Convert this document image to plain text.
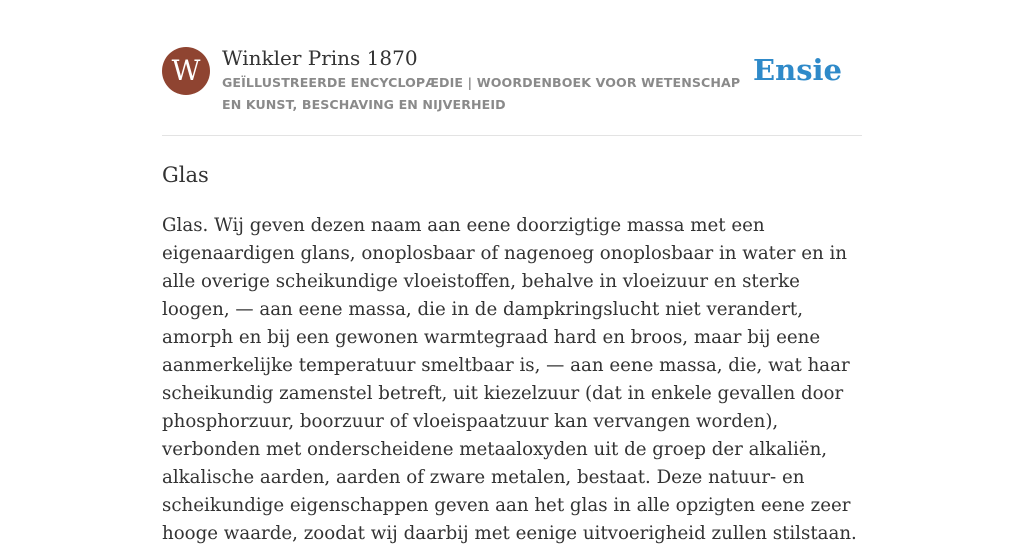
W	Winkler Prins 1870
GEÏLLUSTREERDE ENCYCLOPÆDIE | WOORDENBOEK VOOR WETENSCHAP EN KUNST, BESCHAVING EN NIJVERHEID
Ensie
Glas

Glas. Wij geven dezen naam aan eene doorzigtige massa met een eigenaardigen glans, onoplosbaar of nagenoeg onoplosbaar in water en in alle overige scheikundige vloeistoffen, behalve in vloeizuur en sterke loogen, — aan eene massa, die in de dampkringslucht niet verandert, amorph en bij een gewonen warmtegraad hard en broos, maar bij eene aanmerkelijke temperatuur smeltbaar is, — aan eene massa, die, wat haar scheikundig zamenstel betreft, uit kiezelzuur (dat in enkele gevallen door phosphorzuur, boorzuur of vloeispaatzuur kan vervangen worden), verbonden met onderscheidene metaaloxyden uit de groep der alkaliën, alkalische aarden, aarden of zware metalen, bestaat. Deze natuur- en scheikundige eigenschappen geven aan het glas in alle opzigten eene zeer hooge waarde, zoodat wij daarbij met eenige uitvoerigheid zullen stilstaan.
